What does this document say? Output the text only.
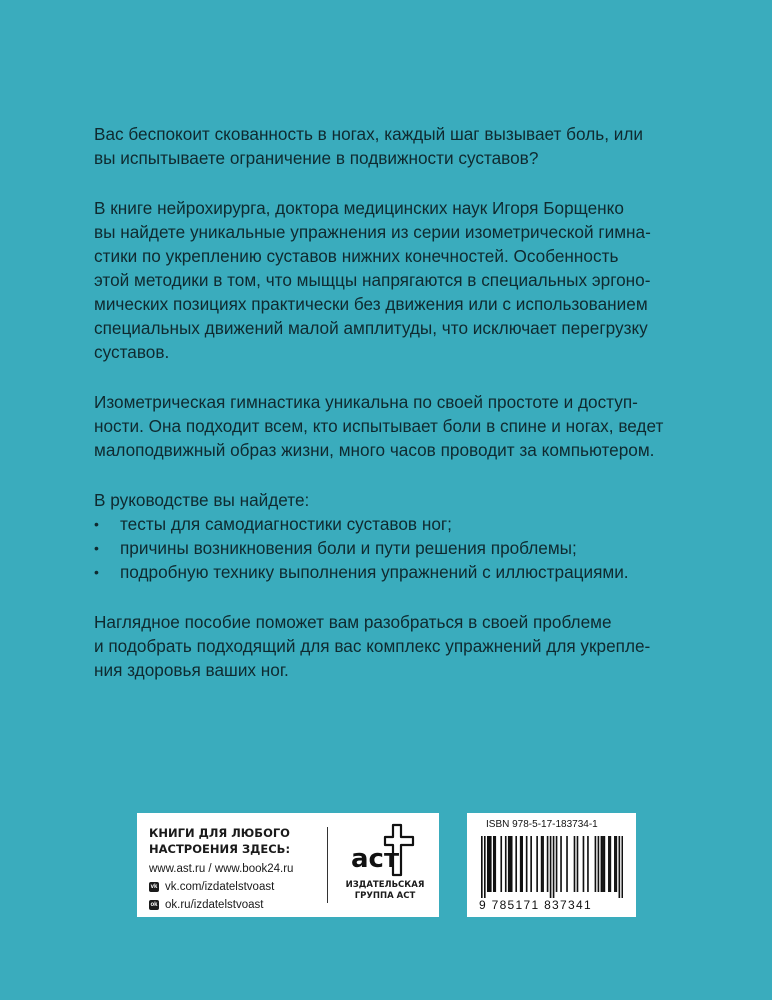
Вас беспокоит скованность в ногах, каждый шаг вызывает боль, или
вы испытываете ограничение в подвижности суставов?

В книге нейрохирурга, доктора медицинских наук Игоря Борщенко
вы найдете уникальные упражнения из серии изометрической гимна-
стики по укреплению суставов нижних конечностей. Особенность
этой методики в том, что мыщцы напрягаются в специальных эргоно-
мических позициях практически без движения или с использованием
специальных движений малой амплитуды, что исключает перегрузку
суставов.

Изометрическая гимнастика уникальна по своей простоте и доступ-
ности. Она подходит всем, кто испытывает боли в спине и ногах, ведет
малоподвижный образ жизни, много часов проводит за компьютером.

В руководстве вы найдете:
• тесты для самодиагностики суставов ног;
• причины возникновения боли и пути решения проблемы;
• подробную технику выполнения упражнений с иллюстрациями.

Наглядное пособие поможет вам разобраться в своей проблеме
и подобрать подходящий для вас комплекс упражнений для укрепле-
ния здоровья ваших ног.

КНИГИ ДЛЯ ЛЮБОГО
НАСТРОЕНИЯ ЗДЕСЬ:
www.ast.ru / www.book24.ru
vk vk.com/izdatelstvoast
ok ok.ru/izdatelstvoast
аст
ИЗДАТЕЛЬСКАЯ
ГРУППА АСТ
ISBN 978-5-17-183734-1
9 785171 837341
